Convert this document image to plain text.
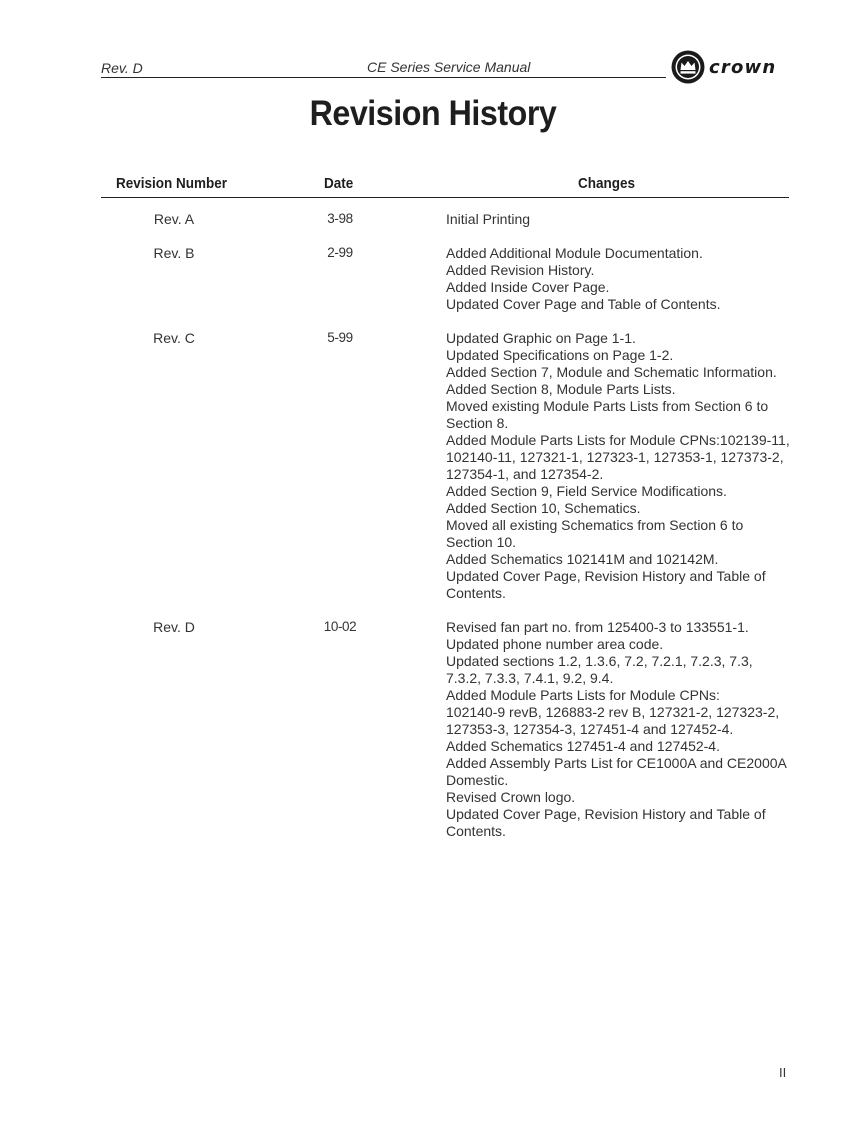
Rev. D	CE Series Service Manual	crown
Revision History
Revision Number	Date	Changes
Rev. A	3-98	Initial Printing
Rev. B	2-99	Added Additional Module Documentation.
Added Revision History.
Added Inside Cover Page.
Updated Cover Page and Table of Contents.
Rev. C	5-99	Updated Graphic on Page 1-1.
Updated Specifications on Page 1-2.
Added Section 7, Module and Schematic Information.
Added Section 8, Module Parts Lists.
Moved existing Module Parts Lists from Section 6 to
Section 8.
Added Module Parts Lists for Module CPNs:102139-11,
102140-11, 127321-1, 127323-1, 127353-1, 127373-2,
127354-1, and 127354-2.
Added Section 9, Field Service Modifications.
Added Section 10, Schematics.
Moved all existing Schematics from Section 6 to
Section 10.
Added Schematics 102141M and 102142M.
Updated Cover Page, Revision History and Table of
Contents.
Rev. D	10-02	Revised fan part no. from 125400-3 to 133551-1.
Updated phone number area code.
Updated sections 1.2, 1.3.6, 7.2, 7.2.1, 7.2.3, 7.3,
7.3.2, 7.3.3, 7.4.1, 9.2, 9.4.
Added Module Parts Lists for Module CPNs:
102140-9 revB, 126883-2 rev B, 127321-2, 127323-2,
127353-3, 127354-3, 127451-4 and 127452-4.
Added Schematics 127451-4 and 127452-4.
Added Assembly Parts List for CE1000A and CE2000A
Domestic.
Revised Crown logo.
Updated Cover Page, Revision History and Table of
Contents.
II
